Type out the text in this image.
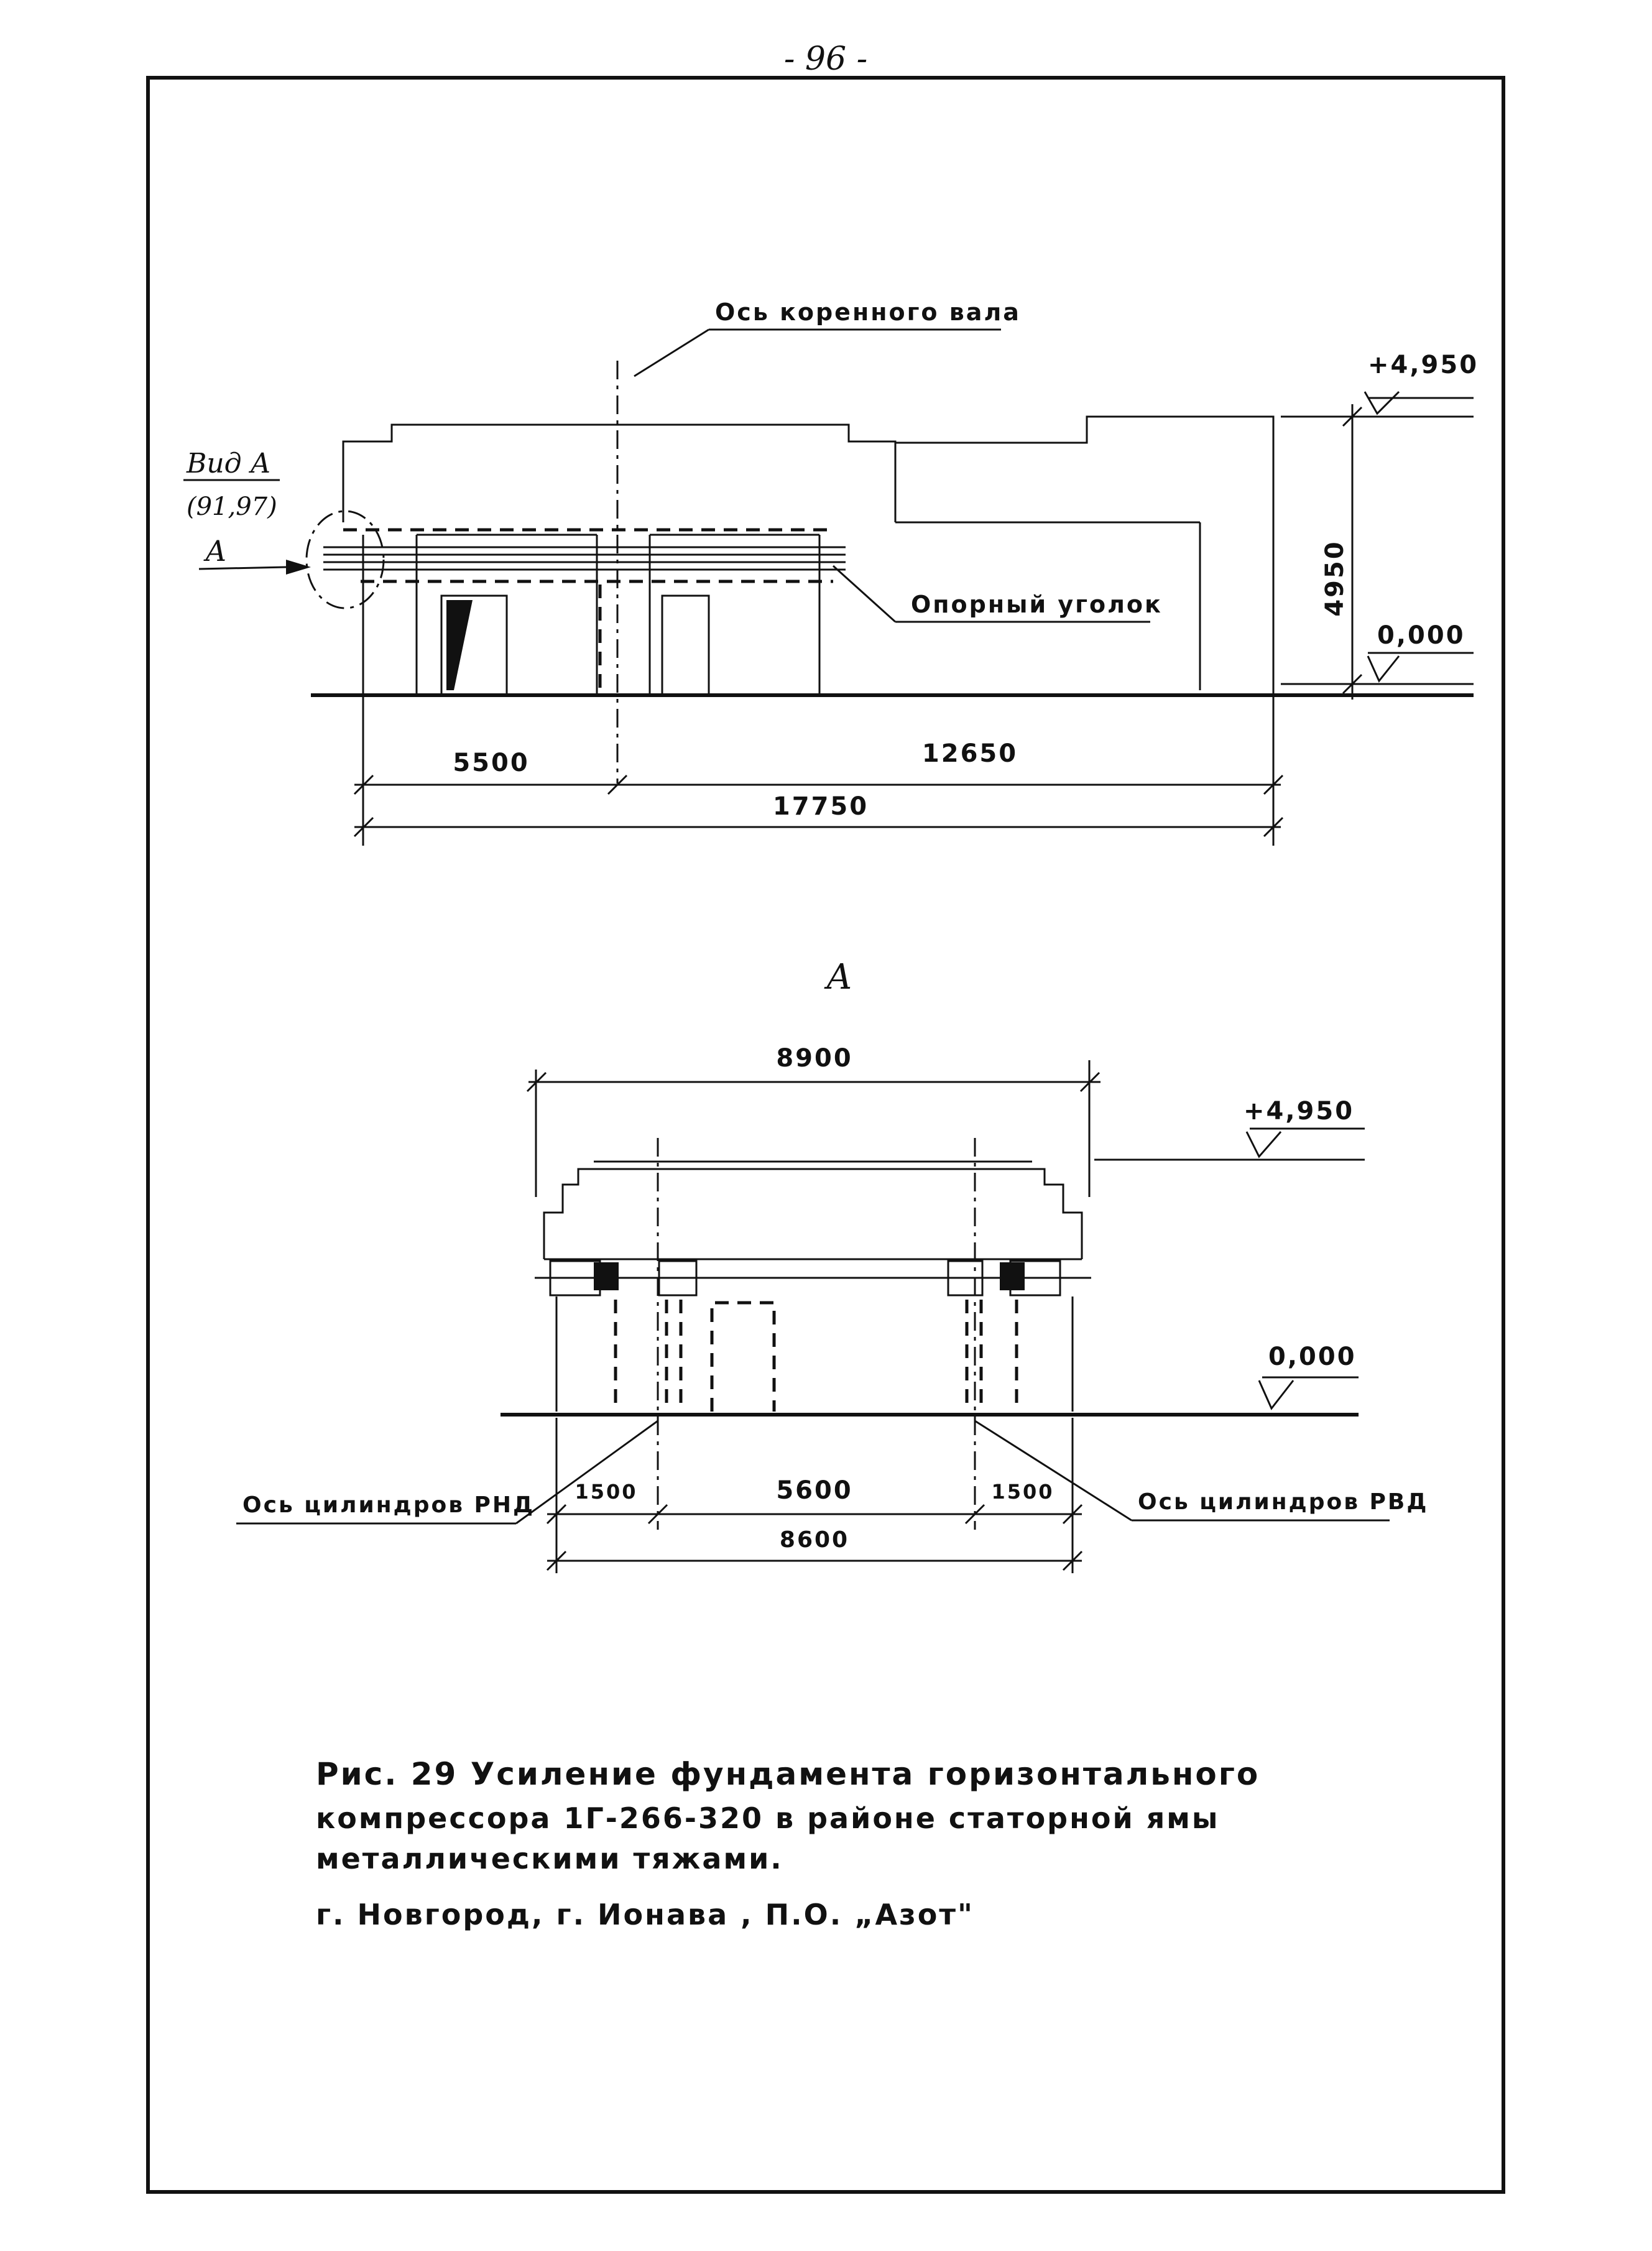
- 96 -
Ось коренного вала
Опорный уголок
Вид А
(91,97)
А
+4,950
0,000
4950
5500	12650
17750
А
8900
+4,950
0,000
1500	5600	1500
8600
Ось цилиндров РНД	Ось цилиндров РВД
Рис. 29 Усиление фундамента горизонтального
компрессора 1Г-266-320 в районе статорной ямы
металлическими тяжами.
г. Новгород, г. Ионава , П.О. „Азот"
